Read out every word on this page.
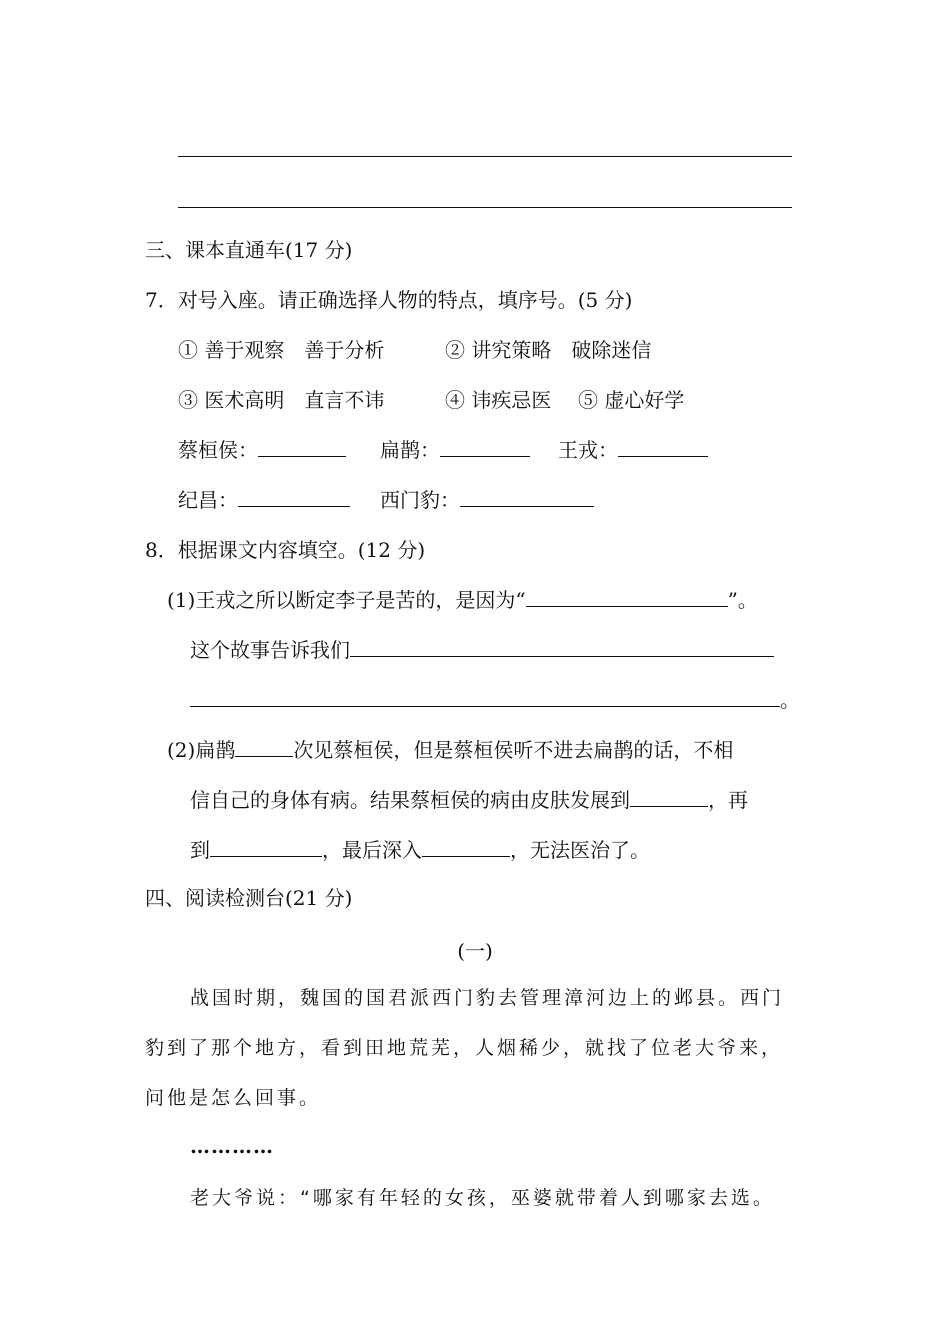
三、课本直通车(17 分)
7．对号入座。请正确选择人物的特点，填序号。(5 分)
① 善于观察　善于分析	② 讲究策略　破除迷信
③ 医术高明　直言不讳	④ 讳疾忌医 ⑤ 虚心好学
蔡桓侯：	扁鹊：	王戎：
纪昌：	西门豹：
8．根据课文内容填空。(12 分)
(1)王戎之所以断定李子是苦的，是因为“	”。
这个故事告诉我们
。
(2)扁鹊	次见蔡桓侯，但是蔡桓侯听不进去扁鹊的话，不相
信自己的身体有病。结果蔡桓侯的病由皮肤发展到	，再
到	，最后深入	，无法医治了。
四、阅读检测台(21 分)
(一)
战国时期，魏国的国君派西门豹去管理漳河边上的邺县。西门
豹到了那个地方，看到田地荒芜，人烟稀少，就找了位老大爷来，
问他是怎么回事。
…………
老大爷说：“哪家有年轻的女孩，巫婆就带着人到哪家去选。
